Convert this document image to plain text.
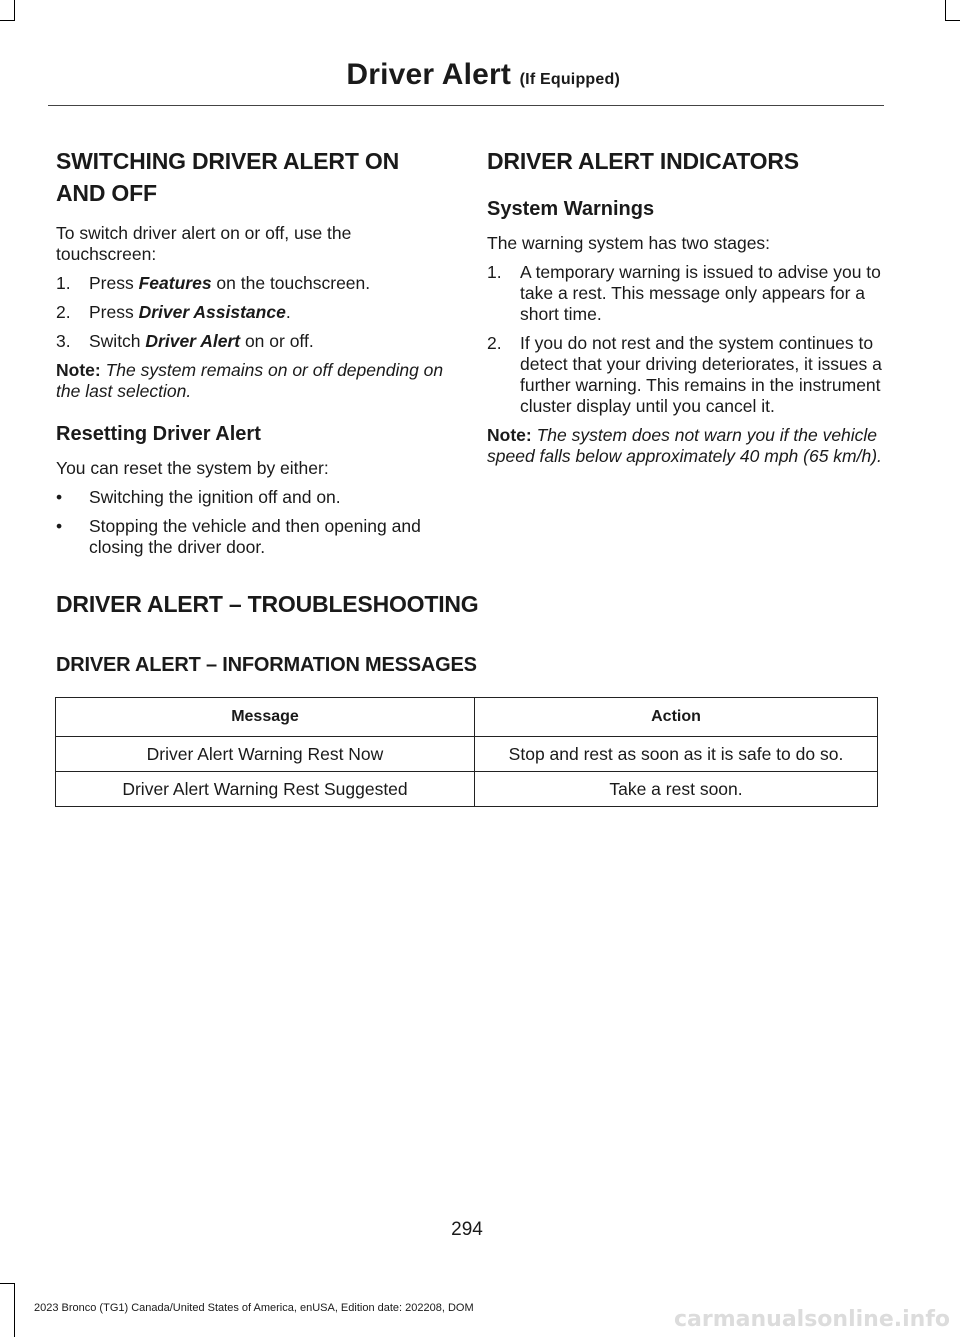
Driver Alert (If Equipped)
SWITCHING DRIVER ALERT ON
AND OFF

To switch driver alert on or off, use the touchscreen:

1. Press Features on the touchscreen.
2. Press Driver Assistance.
3. Switch Driver Alert on or off.

Note: The system remains on or off depending on the last selection.

Resetting Driver Alert

You can reset the system by either:

• Switching the ignition off and on.
• Stopping the vehicle and then opening and closing the driver door.
DRIVER ALERT INDICATORS
System Warnings

The warning system has two stages:

1. A temporary warning is issued to advise you to take a rest. This message only appears for a short time.
2. If you do not rest and the system continues to detect that your driving deteriorates, it issues a further warning. This remains in the instrument cluster display until you cancel it.

Note: The system does not warn you if the vehicle speed falls below approximately 40 mph (65 km/h).

DRIVER ALERT – TROUBLESHOOTING
DRIVER ALERT – INFORMATION MESSAGES
Message	Action
Driver Alert Warning Rest Now	Stop and rest as soon as it is safe to do so.
Driver Alert Warning Rest Suggested	Take a rest soon.
294
2023 Bronco (TG1) Canada/United States of America, enUSA, Edition date: 202208, DOM	carmanualsonline.info
